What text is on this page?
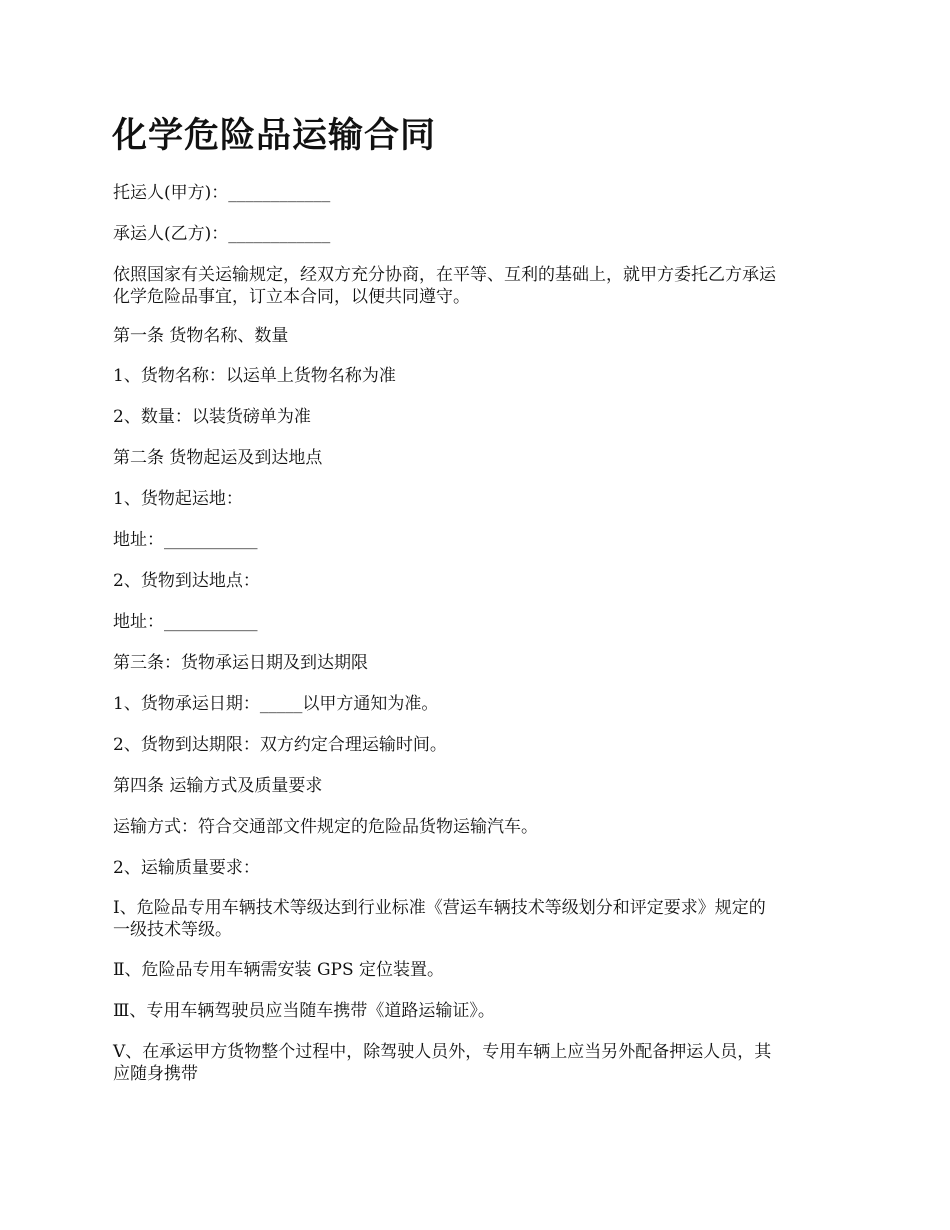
化学危险品运输合同

托运人(甲方)：____________

承运人(乙方)：____________

依照国家有关运输规定，经双方充分协商，在平等、互利的基础上，就甲方委托乙方承运
化学危险品事宜，订立本合同，以便共同遵守。

第一条 货物名称、数量

1、货物名称：以运单上货物名称为准

2、数量：以装货磅单为准

第二条 货物起运及到达地点

1、货物起运地：

地址：___________

2、货物到达地点：

地址：___________

第三条：货物承运日期及到达期限

1、货物承运日期：_____以甲方通知为准。

2、货物到达期限：双方约定合理运输时间。

第四条 运输方式及质量要求

运输方式：符合交通部文件规定的危险品货物运输汽车。

2、运输质量要求：

I、危险品专用车辆技术等级达到行业标准《营运车辆技术等级划分和评定要求》规定的
一级技术等级。

Ⅱ、危险品专用车辆需安装 GPS 定位装置。

Ⅲ、专用车辆驾驶员应当随车携带《道路运输证》。

V、在承运甲方货物整个过程中，除驾驶人员外，专用车辆上应当另外配备押运人员，其
应随身携带
